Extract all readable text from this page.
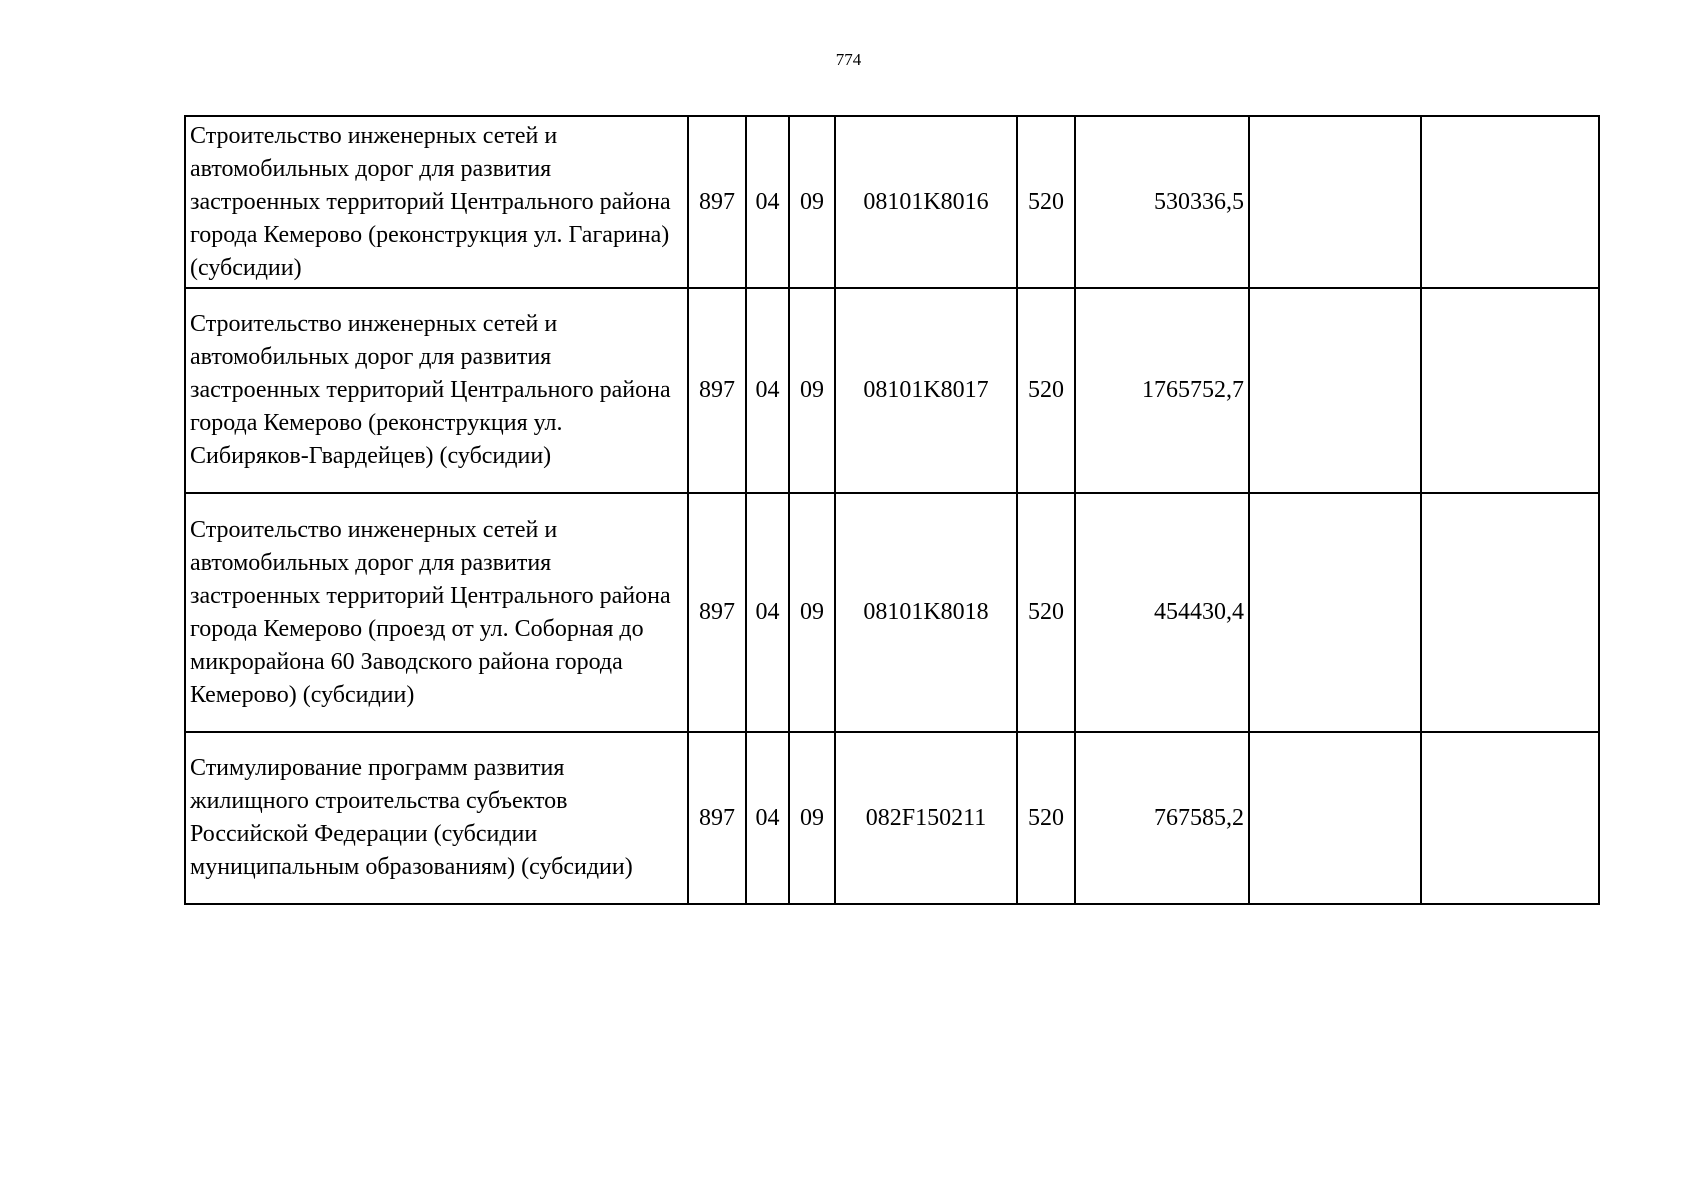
774
Строительство инженерных сетей и автомобильных дорог для развития застроенных территорий Центрального района города Кемерово (реконструкция ул. Гагарина) (субсидии)	897	04	09	08101K8016	520	530336,5		
Строительство инженерных сетей и автомобильных дорог для развития застроенных территорий Центрального района города Кемерово (реконструкция ул. Сибиряков-Гвардейцев) (субсидии)	897	04	09	08101K8017	520	1765752,7		
Строительство инженерных сетей и автомобильных дорог для развития застроенных территорий Центрального района города Кемерово (проезд от ул. Соборная до микрорайона 60 Заводского района города Кемерово) (субсидии)	897	04	09	08101K8018	520	454430,4		
Стимулирование программ развития жилищного строительства субъектов Российской Федерации (субсидии муниципальным образованиям) (субсидии)	897	04	09	082F150211	520	767585,2		
